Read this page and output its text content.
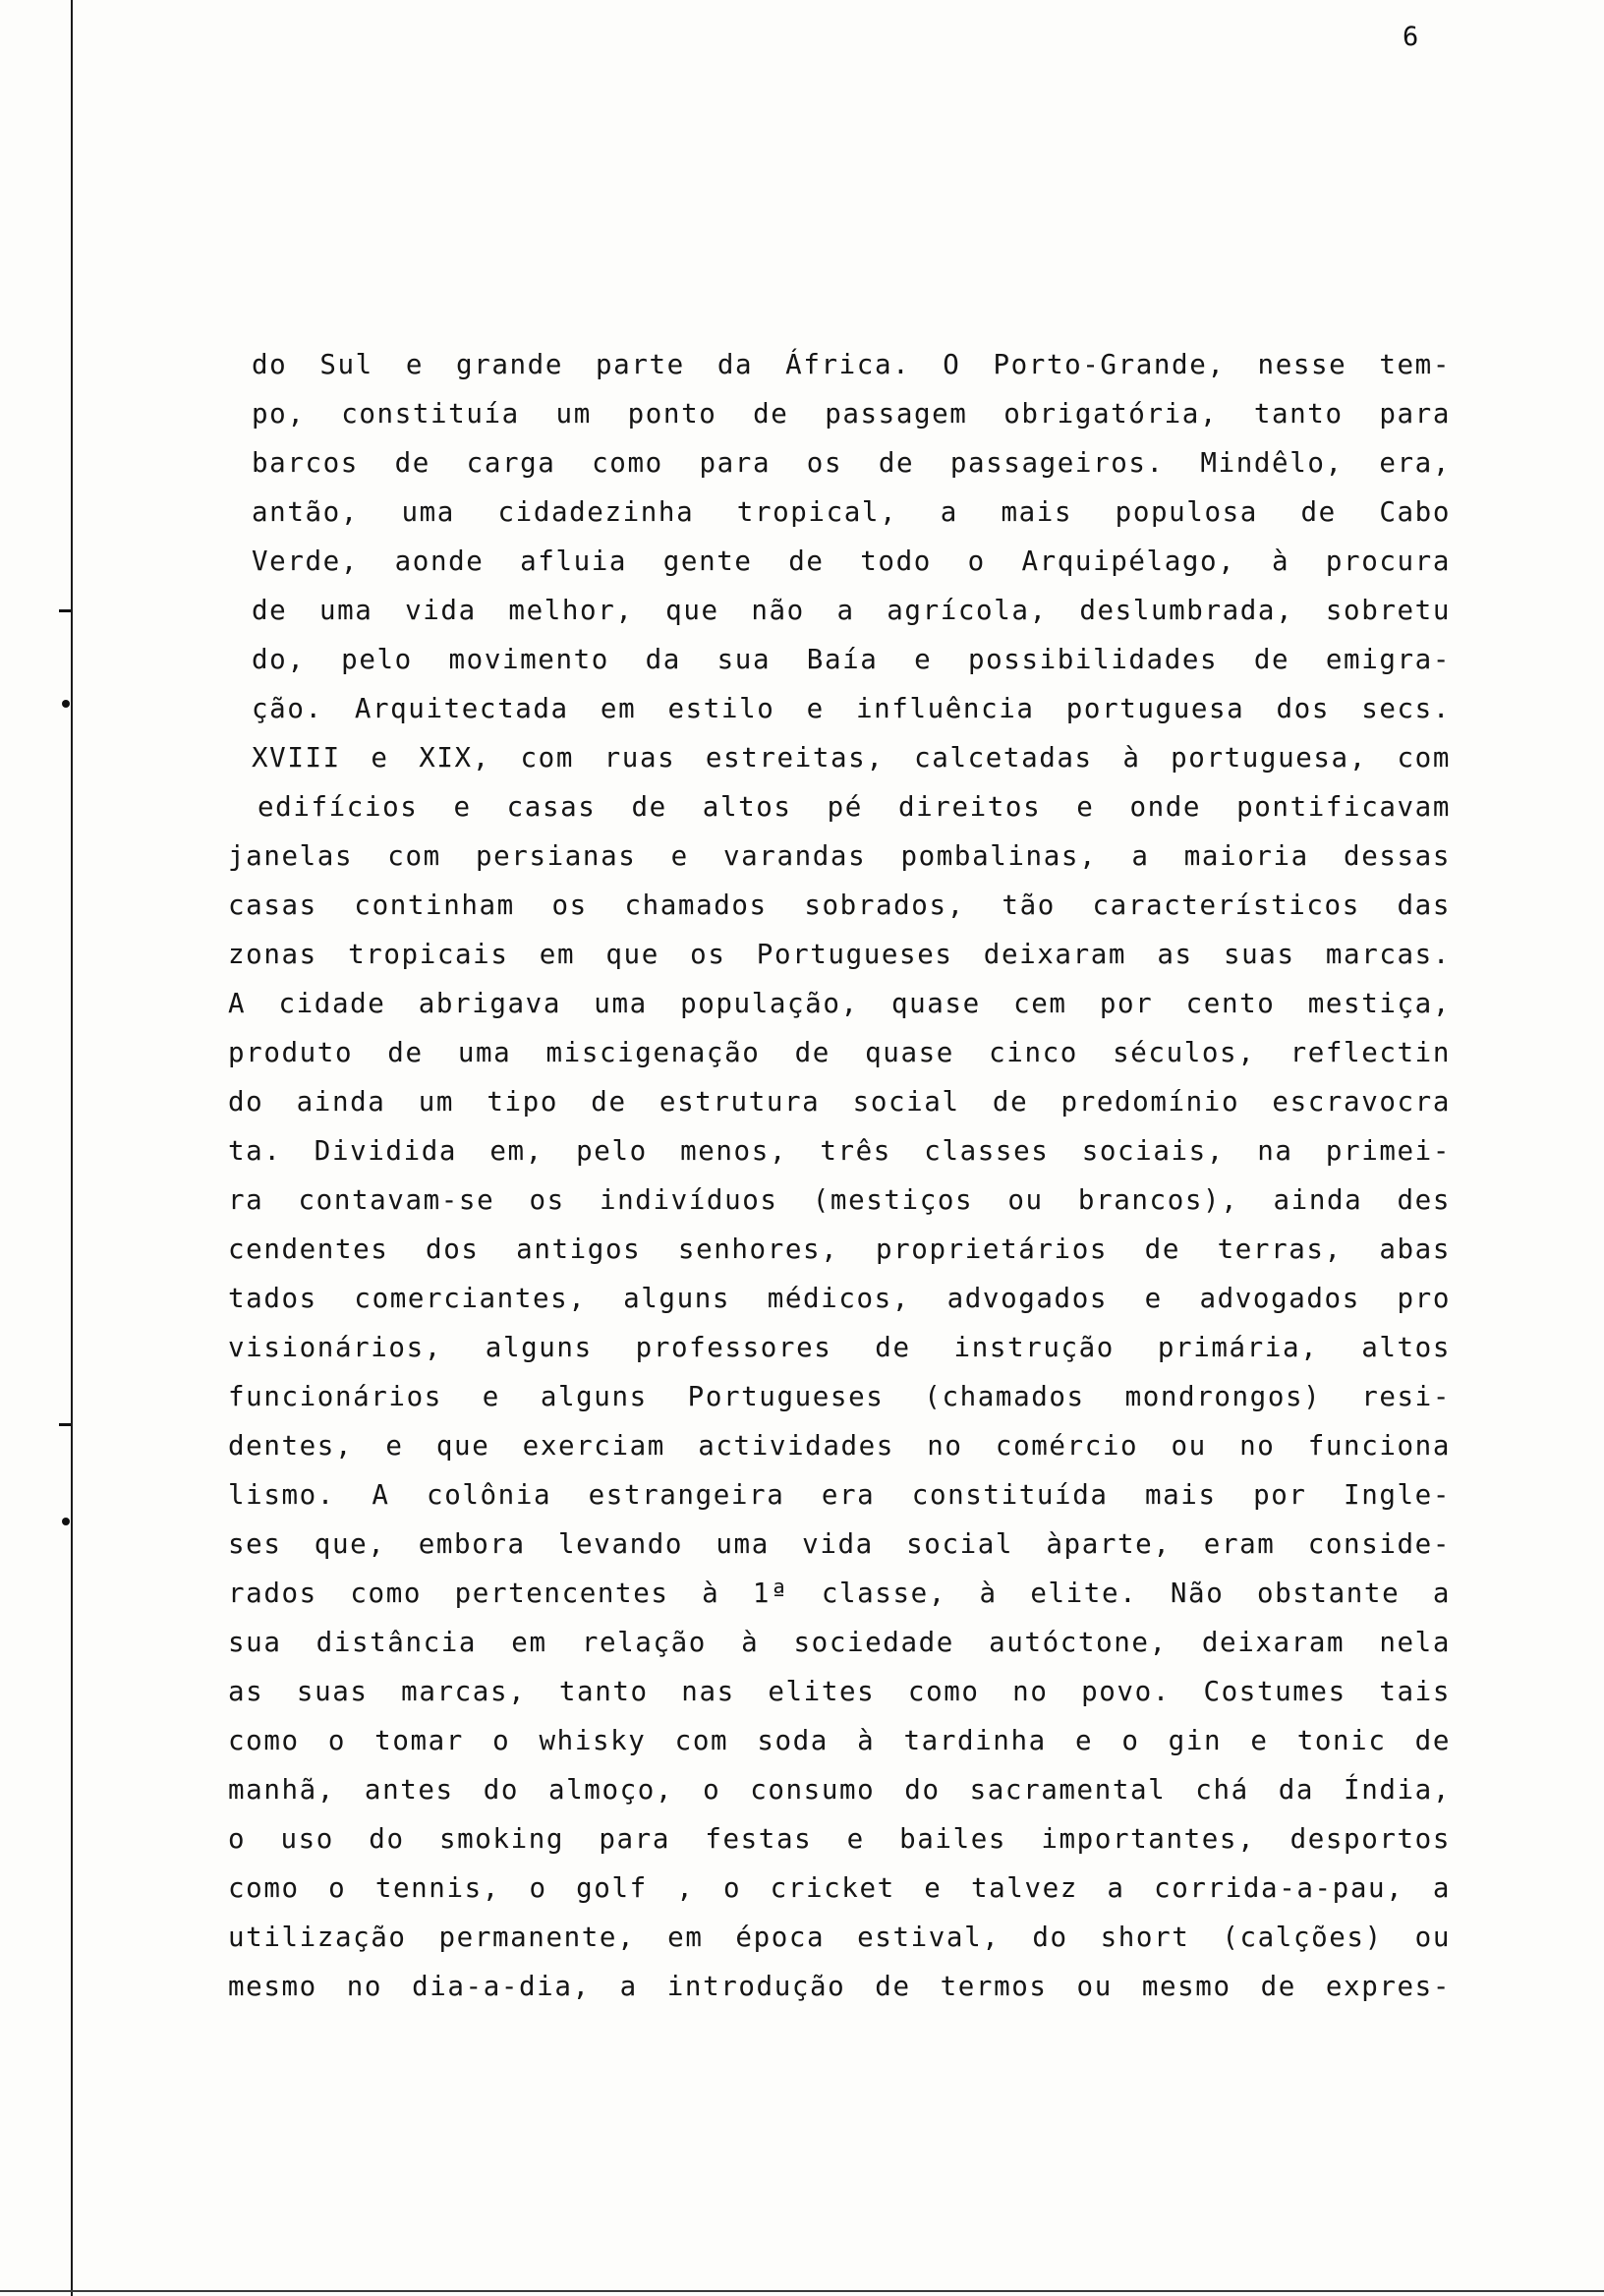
6
do Sul e grande parte da África. O Porto-Grande, nesse tem-
po, constituía um ponto de passagem obrigatória, tanto para
barcos de carga como para os de passageiros. Mindêlo, era,
antão, uma cidadezinha tropical, a mais populosa de Cabo
Verde, aonde afluia gente de todo o Arquipélago, à procura
de uma vida melhor, que não a agrícola, deslumbrada, sobretu
do, pelo movimento da sua Baía e possibilidades de emigra-
ção. Arquitectada em estilo e influência portuguesa dos secs.
XVIII e XIX, com ruas estreitas, calcetadas à portuguesa, com
edifícios e casas de altos pé direitos e onde pontificavam
janelas com persianas e varandas pombalinas, a maioria dessas
casas continham os chamados sobrados, tão característicos das
zonas tropicais em que os Portugueses deixaram as suas marcas.
A cidade abrigava uma população, quase cem por cento mestiça,
produto de uma miscigenação de quase cinco séculos, reflectin
do ainda um tipo de estrutura social de predomínio escravocra
ta. Dividida em, pelo menos, três classes sociais, na primei-
ra contavam-se os indivíduos (mestiços ou brancos), ainda des
cendentes dos antigos senhores, proprietários de terras, abas
tados comerciantes, alguns médicos, advogados e advogados pro
visionários, alguns professores de instrução primária, altos
funcionários e alguns Portugueses (chamados mondrongos) resi-
dentes, e que exerciam actividades no comércio ou no funciona
lismo. A colônia estrangeira era constituída mais por Ingle-
ses que, embora levando uma vida social àparte, eram conside-
rados como pertencentes à 1ª classe, à elite. Não obstante a
sua distância em relação à sociedade autóctone, deixaram nela
as suas marcas, tanto nas elites como no povo. Costumes tais
como o tomar o whisky com soda à tardinha e o gin e tonic de
manhã, antes do almoço, o consumo do sacramental chá da Índia,
o uso do smoking para festas e bailes importantes, desportos
como o tennis, o golf , o cricket e talvez a corrida-a-pau, a
utilização permanente, em época estival, do short (calções) ou
mesmo no dia-a-dia, a introdução de termos ou mesmo de expres-
